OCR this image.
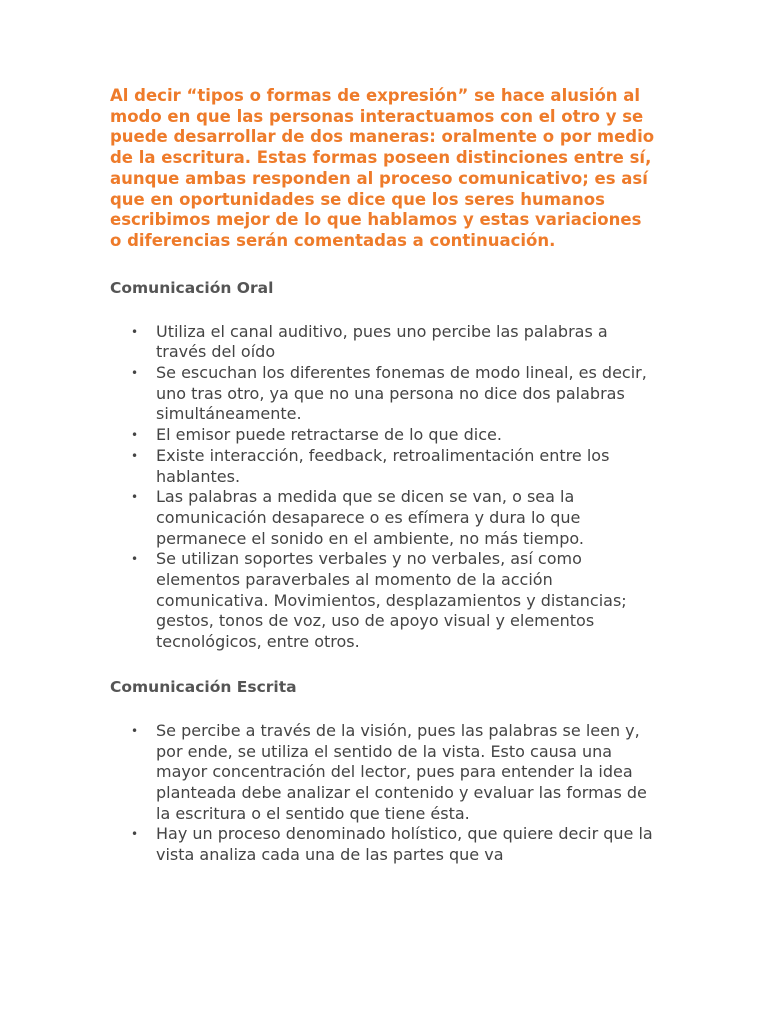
Al decir “tipos o formas de expresión” se hace alusión al modo en que las personas interactuamos con el otro y se puede desarrollar de dos maneras: oralmente o por medio de la escritura. Estas formas poseen distinciones entre sí, aunque ambas responden al proceso comunicativo; es así que en oportunidades se dice que los seres humanos escribimos mejor de lo que hablamos y estas variaciones o diferencias serán comentadas a continuación.

Comunicación Oral
• Utiliza el canal auditivo, pues uno percibe las palabras a través del oído
• Se escuchan los diferentes fonemas de modo lineal, es decir, uno tras otro, ya que no una persona no dice dos palabras simultáneamente.
• El emisor puede retractarse de lo que dice.
• Existe interacción, feedback, retroalimentación entre los hablantes.
• Las palabras a medida que se dicen se van, o sea la comunicación desaparece o es efímera y dura lo que permanece el sonido en el ambiente, no más tiempo.
• Se utilizan soportes verbales y no verbales, así como elementos paraverbales al momento de la acción comunicativa. Movimientos, desplazamientos y distancias; gestos, tonos de voz, uso de apoyo visual y elementos tecnológicos, entre otros.
Comunicación Escrita
• Se percibe a través de la visión, pues las palabras se leen y, por ende, se utiliza el sentido de la vista. Esto causa una mayor concentración del lector, pues para entender la idea planteada debe analizar el contenido y evaluar las formas de la escritura o el sentido que tiene ésta.
• Hay un proceso denominado holístico, que quiere decir que la vista analiza cada una de las partes que va
